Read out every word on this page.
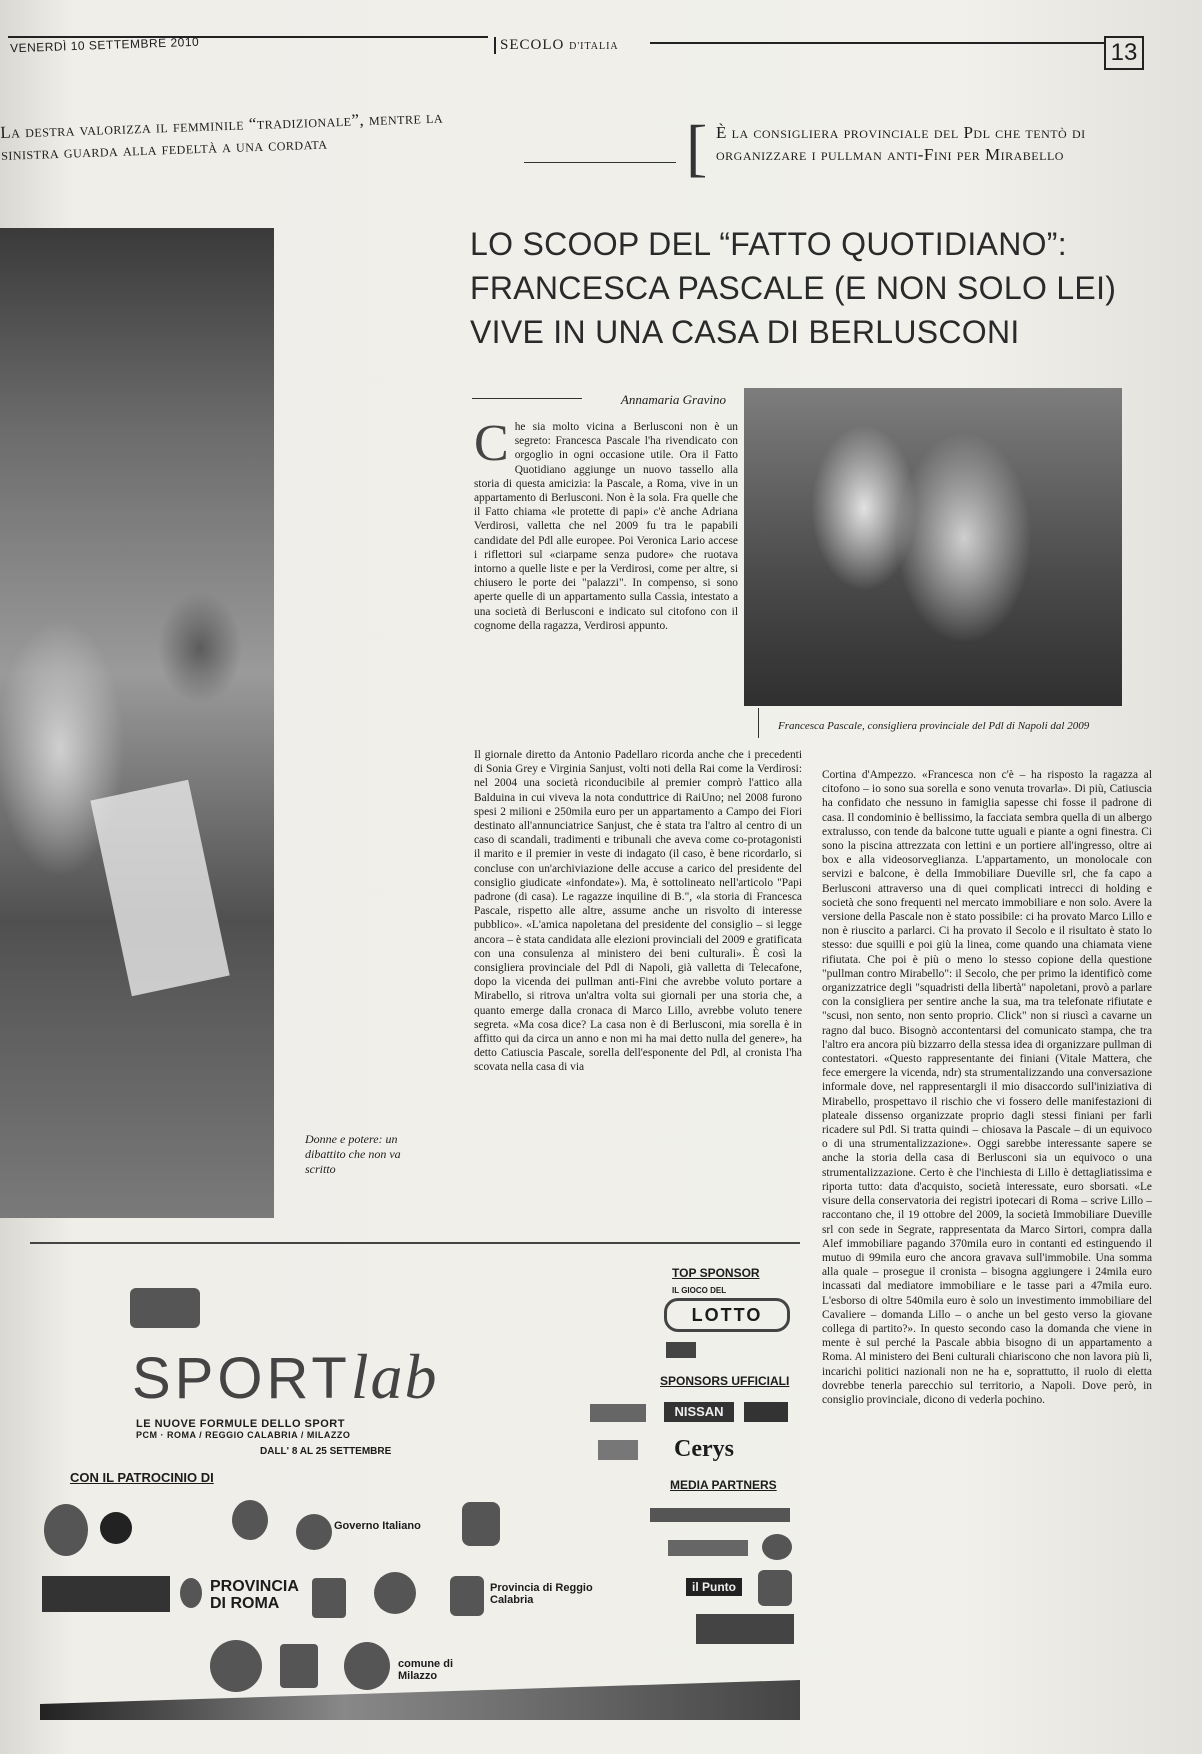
VENERDÌ 10 SETTEMBRE 2010	SECOLO D'ITALIA	13
La destra valorizza il femminile “tradizionale”, mentre la sinistra guarda alla fedeltà a una cordata	[ È la consigliera provinciale del Pdl che tentò di organizzare i pullman anti-Fini per Mirabello
LO SCOOP DEL “FATTO QUOTIDIANO”: FRANCESCA PASCALE (E NON SOLO LEI) VIVE IN UNA CASA DI BERLUSCONI
Donne e potere: un dibattito che non va scritto
Annamaria Gravino
Francesca Pascale, consigliera provinciale del Pdl di Napoli dal 2009
C he sia molto vicina a Berlusconi non è un segreto: Francesca Pascale l'ha rivendicato con orgoglio in ogni occasione utile. Ora il Fatto Quotidiano aggiunge un nuovo tassello alla storia di questa amicizia: la Pascale, a Roma, vive in un appartamento di Berlusconi. Non è la sola. Fra quelle che il Fatto chiama «le protette di papi» c'è anche Adriana Verdirosi, valletta che nel 2009 fu tra le papabili candidate del Pdl alle europee. Poi Veronica Lario accese i riflettori sul «ciarpame senza pudore» che ruotava intorno a quelle liste e per la Verdirosi, come per altre, si chiusero le porte dei "palazzi". In compenso, si sono aperte quelle di un appartamento sulla Cassia, intestato a una società di Berlusconi e indicato sul citofono con il cognome della ragazza, Verdirosi appunto.
Il giornale diretto da Antonio Padellaro ricorda anche che i precedenti di Sonia Grey e Virginia Sanjust, volti noti della Rai come la Verdirosi: nel 2004 una società riconducibile al premier comprò l'attico alla Balduina in cui viveva la nota conduttrice di RaiUno; nel 2008 furono spesi 2 milioni e 250mila euro per un appartamento a Campo dei Fiori destinato all'annunciatrice Sanjust, che è stata tra l'altro al centro di un caso di scandali, tradimenti e tribunali che aveva come co-protagonisti il marito e il premier in veste di indagato (il caso, è bene ricordarlo, si concluse con un'archiviazione delle accuse a carico del presidente del consiglio giudicate «infondate»). Ma, è sottolineato nell'articolo "Papi padrone (di casa). Le ragazze inquiline di B.", «la storia di Francesca Pascale, rispetto alle altre, assume anche un risvolto di interesse pubblico». «L'amica napoletana del presidente del consiglio – si legge ancora – è stata candidata alle elezioni provinciali del 2009 e gratificata con una consulenza al ministero dei beni culturali». È così la consigliera provinciale del Pdl di Napoli, già valletta di Telecafone, dopo la vicenda dei pullman anti-Fini che avrebbe voluto portare a Mirabello, si ritrova un'altra volta sui giornali per una storia che, a quanto emerge dalla cronaca di Marco Lillo, avrebbe voluto tenere segreta. «Ma cosa dice? La casa non è di Berlusconi, mia sorella è in affitto qui da circa un anno e non mi ha mai detto nulla del genere», ha detto Catiuscia Pascale, sorella dell'esponente del Pdl, al cronista l'ha scovata nella casa di via
Cortina d'Ampezzo. «Francesca non c'è – ha risposto la ragazza al citofono – io sono sua sorella e sono venuta trovarla». Di più, Catiuscia ha confidato che nessuno in famiglia sapesse chi fosse il padrone di casa. Il condominio è bellissimo, la facciata sembra quella di un albergo extralusso, con tende da balcone tutte uguali e piante a ogni finestra. Ci sono la piscina attrezzata con lettini e un portiere all'ingresso, oltre ai box e alla videosorveglianza. L'appartamento, un monolocale con servizi e balcone, è della Immobiliare Dueville srl, che fa capo a Berlusconi attraverso una di quei complicati intrecci di holding e società che sono frequenti nel mercato immobiliare e non solo. Avere la versione della Pascale non è stato possibile: ci ha provato Marco Lillo e non è riuscito a parlarci. Ci ha provato il Secolo e il risultato è stato lo stesso: due squilli e poi giù la linea, come quando una chiamata viene rifiutata. Che poi è più o meno lo stesso copione della questione "pullman contro Mirabello": il Secolo, che per primo la identificò come organizzatrice degli "squadristi della libertà" napoletani, provò a parlare con la consigliera per sentire anche la sua, ma tra telefonate rifiutate e "scusi, non sento, non sento proprio. Click" non si riuscì a cavarne un ragno dal buco. Bisognò accontentarsi del comunicato stampa, che tra l'altro era ancora più bizzarro della stessa idea di organizzare pullman di contestatori. «Questo rappresentante dei finiani (Vitale Mattera, che fece emergere la vicenda, ndr) sta strumentalizzando una conversazione informale dove, nel rappresentargli il mio disaccordo sull'iniziativa di Mirabello, prospettavo il rischio che vi fossero delle manifestazioni di plateale dissenso organizzate proprio dagli stessi finiani per farli ricadere sul Pdl. Si tratta quindi – chiosava la Pascale – di un equivoco o di una strumentalizzazione». Oggi sarebbe interessante sapere se anche la storia della casa di Berlusconi sia un equivoco o una strumentalizzazione. Certo è che l'inchiesta di Lillo è dettagliatissima e riporta tutto: data d'acquisto, società interessate, euro sborsati. «Le visure della conservatoria dei registri ipotecari di Roma – scrive Lillo – raccontano che, il 19 ottobre del 2009, la società Immobiliare Dueville srl con sede in Segrate, rappresentata da Marco Sirtori, compra dalla Alef immobiliare pagando 370mila euro in contanti ed estinguendo il mutuo di 99mila euro che ancora gravava sull'immobile. Una somma alla quale – prosegue il cronista – bisogna aggiungere i 24mila euro incassati dal mediatore immobiliare e le tasse pari a 47mila euro. L'esborso di oltre 540mila euro è solo un investimento immobiliare del Cavaliere – domanda Lillo – o anche un bel gesto verso la giovane collega di partito?». In questo secondo caso la domanda che viene in mente è sul perché la Pascale abbia bisogno di un appartamento a Roma. Al ministero dei Beni culturali chiariscono che non lavora più lì, incarichi politici nazionali non ne ha e, soprattutto, il ruolo di eletta dovrebbe tenerla parecchio sul territorio, a Napoli. Dove però, in consiglio provinciale, dicono di vederla pochino.
SPORTlab
LE NUOVE FORMULE DELLO SPORT
PCM · ROMA / REGGIO CALABRIA / MILAZZO
DALL' 8 AL 25 SETTEMBRE
CON IL PATROCINIO DI
Governo Italiano
PROVINCIA DI ROMA
Provincia di Reggio Calabria
comune di Milazzo
TOP SPONSOR
IL GIOCO DEL
LOTTO
SPONSORS UFFICIALI
NISSAN
Cerys
MEDIA PARTNERS
il Punto
